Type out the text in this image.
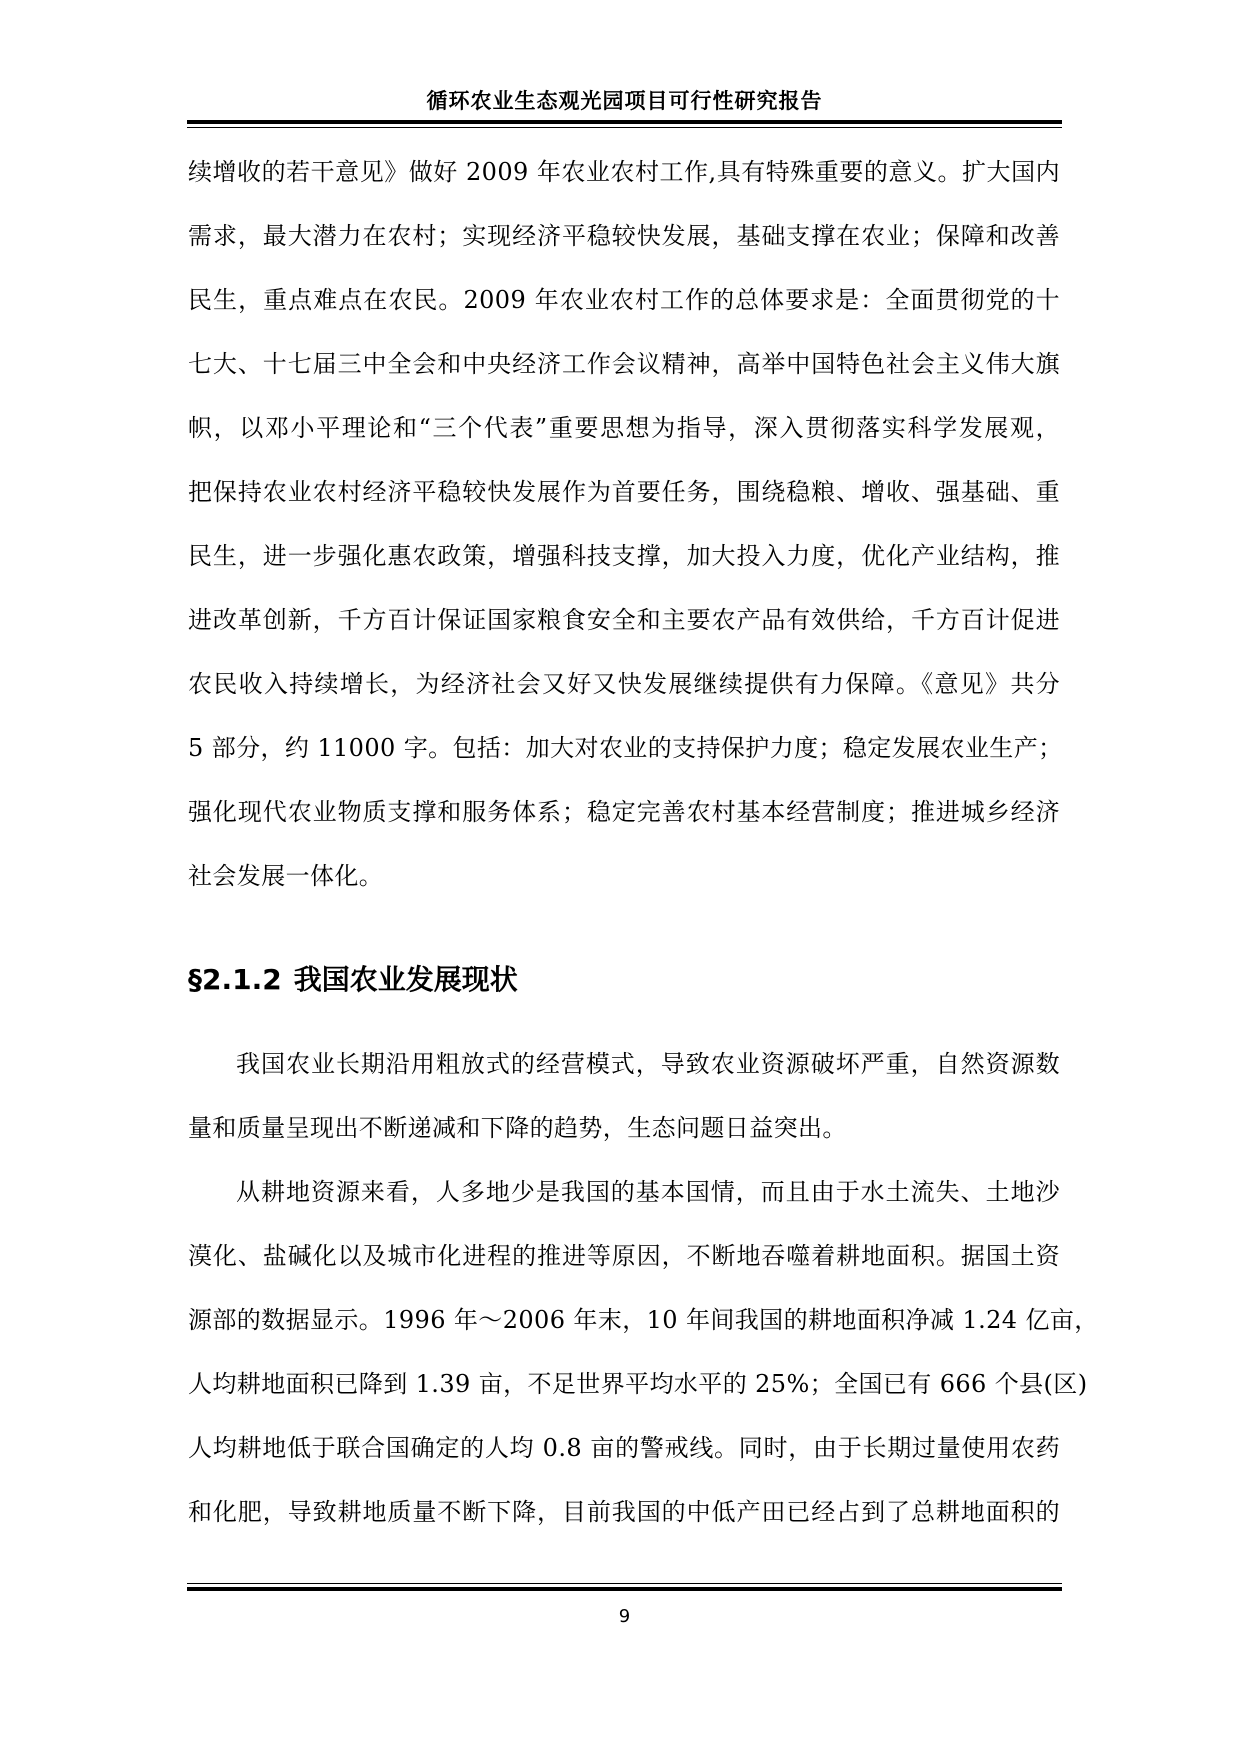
循环农业生态观光园项目可行性研究报告
续增收的若干意见》做好 2009 年农业农村工作,具有特殊重要的意义。扩大国内
需求，最大潜力在农村；实现经济平稳较快发展，基础支撑在农业；保障和改善
民生，重点难点在农民。2009 年农业农村工作的总体要求是：全面贯彻党的十
七大、十七届三中全会和中央经济工作会议精神，高举中国特色社会主义伟大旗
帜，以邓小平理论和“三个代表”重要思想为指导，深入贯彻落实科学发展观，
把保持农业农村经济平稳较快发展作为首要任务，围绕稳粮、增收、强基础、重
民生，进一步强化惠农政策，增强科技支撑，加大投入力度，优化产业结构，推
进改革创新，千方百计保证国家粮食安全和主要农产品有效供给，千方百计促进
农民收入持续增长，为经济社会又好又快发展继续提供有力保障。《意见》共分
5 部分，约 11000 字。包括：加大对农业的支持保护力度；稳定发展农业生产；
强化现代农业物质支撑和服务体系；稳定完善农村基本经营制度；推进城乡经济
社会发展一体化。
§2.1.2 我国农业发展现状
我国农业长期沿用粗放式的经营模式，导致农业资源破坏严重，自然资源数
量和质量呈现出不断递减和下降的趋势，生态问题日益突出。
从耕地资源来看，人多地少是我国的基本国情，而且由于水土流失、土地沙
漠化、盐碱化以及城市化进程的推进等原因，不断地吞噬着耕地面积。据国土资
源部的数据显示。1996 年～2006 年末，10 年间我国的耕地面积净减 1.24 亿亩，
人均耕地面积已降到 1.39 亩，不足世界平均水平的 25%；全国已有 666 个县(区)
人均耕地低于联合国确定的人均 0.8 亩的警戒线。同时，由于长期过量使用农药
和化肥，导致耕地质量不断下降，目前我国的中低产田已经占到了总耕地面积的
9
